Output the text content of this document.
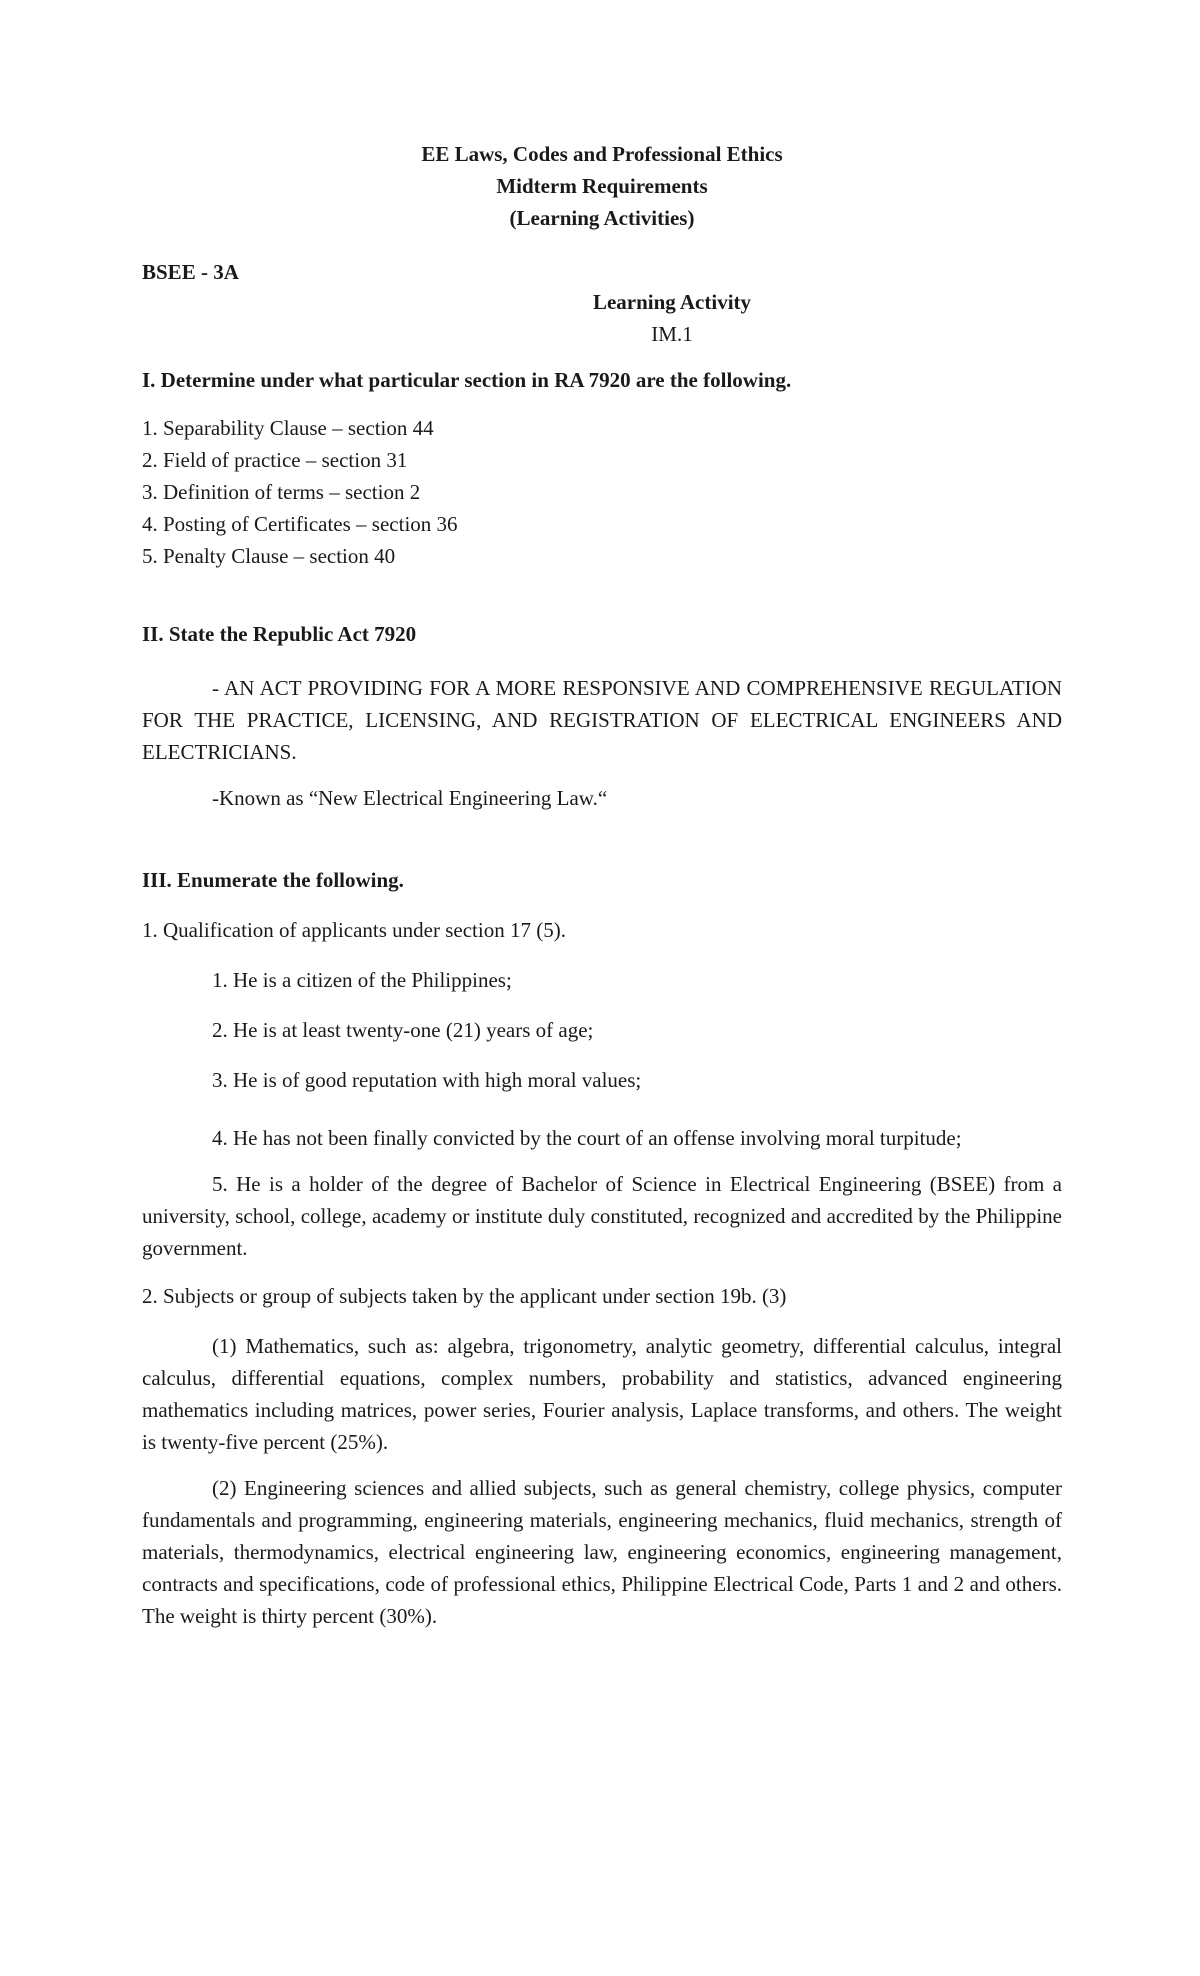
EE Laws, Codes and Professional Ethics

Midterm Requirements

(Learning Activities)

BSEE - 3A

Learning Activity

IM.1

I. Determine under what particular section in RA 7920 are the following.

1. Separability Clause – section 44

2. Field of practice – section 31

3. Definition of terms – section 2

4. Posting of Certificates – section 36

5. Penalty Clause – section 40

II. State the Republic Act 7920

- AN ACT PROVIDING FOR A MORE RESPONSIVE AND COMPREHENSIVE REGULATION FOR THE PRACTICE, LICENSING, AND REGISTRATION OF ELECTRICAL ENGINEERS AND ELECTRICIANS.

-Known as “New Electrical Engineering Law.“

III. Enumerate the following.

1. Qualification of applicants under section 17 (5).

1. He is a citizen of the Philippines;

2. He is at least twenty-one (21) years of age;

3. He is of good reputation with high moral values;

4. He has not been finally convicted by the court of an offense involving moral turpitude;

5. He is a holder of the degree of Bachelor of Science in Electrical Engineering (BSEE) from a university, school, college, academy or institute duly constituted, recognized and accredited by the Philippine government.

2. Subjects or group of subjects taken by the applicant under section 19b. (3)

(1) Mathematics, such as: algebra, trigonometry, analytic geometry, differential calculus, integral calculus, differential equations, complex numbers, probability and statistics, advanced engineering mathematics including matrices, power series, Fourier analysis, Laplace transforms, and others. The weight is twenty-five percent (25%).

(2) Engineering sciences and allied subjects, such as general chemistry, college physics, computer fundamentals and programming, engineering materials, engineering mechanics, fluid mechanics, strength of materials, thermodynamics, electrical engineering law, engineering economics, engineering management, contracts and specifications, code of professional ethics, Philippine Electrical Code, Parts 1 and 2 and others. The weight is thirty percent (30%).
